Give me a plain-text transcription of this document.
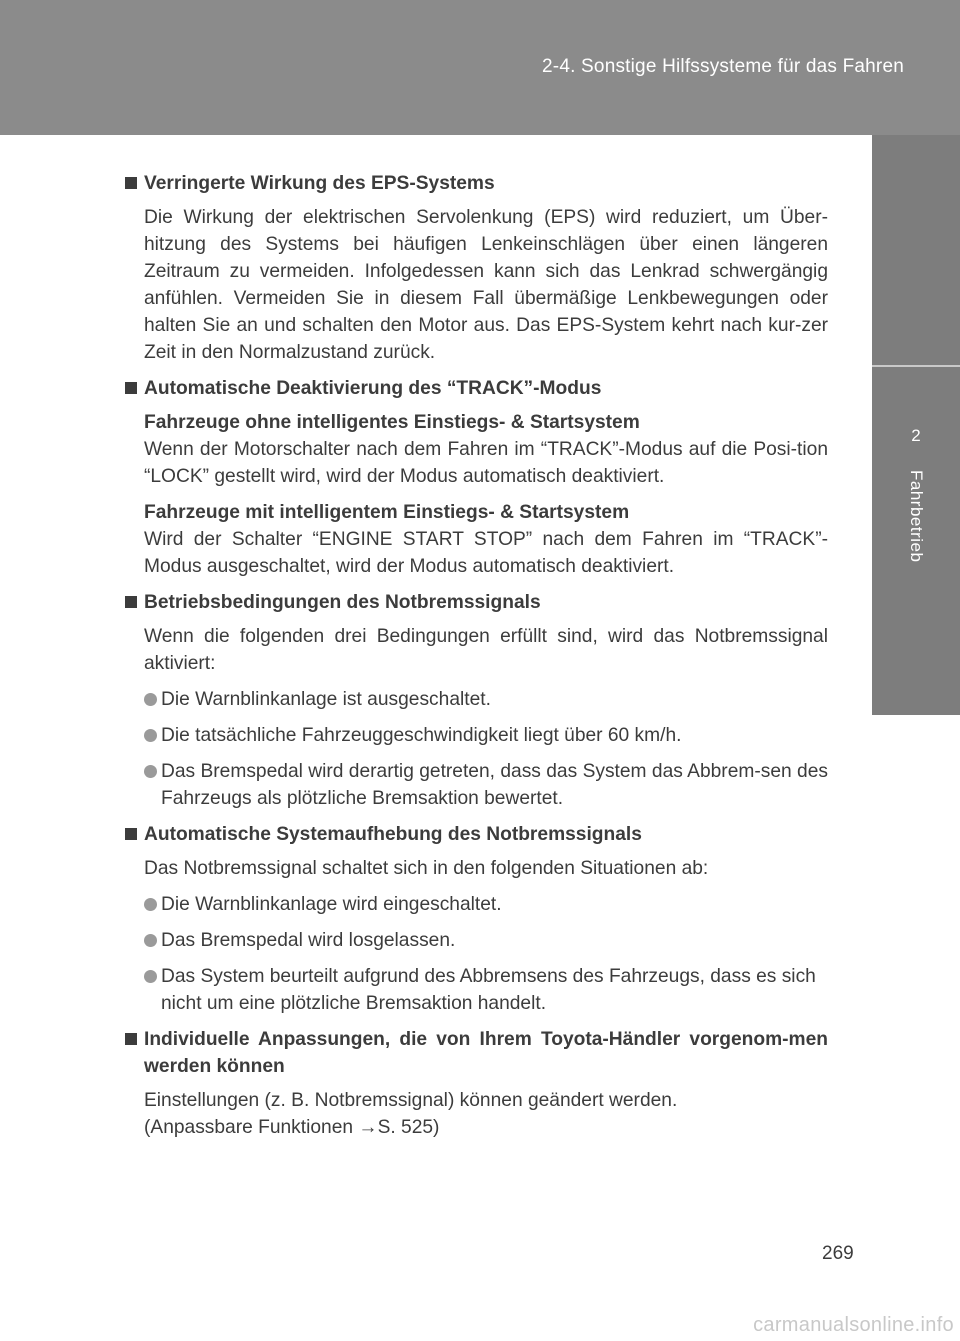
2-4. Sonstige Hilfssysteme für das Fahren
2
Fahrbetrieb
Verringerte Wirkung des EPS-Systems

Die Wirkung der elektrischen Servolenkung (EPS) wird reduziert, um Über-hitzung des Systems bei häufigen Lenkeinschlägen über einen längeren Zeitraum zu vermeiden. Infolgedessen kann sich das Lenkrad schwergängig anfühlen. Vermeiden Sie in diesem Fall übermäßige Lenkbewegungen oder halten Sie an und schalten den Motor aus. Das EPS-System kehrt nach kur-zer Zeit in den Normalzustand zurück.

Automatische Deaktivierung des “TRACK”-Modus

Fahrzeuge ohne intelligentes Einstiegs- & Startsystem

Wenn der Motorschalter nach dem Fahren im “TRACK”-Modus auf die Posi-tion “LOCK” gestellt wird, wird der Modus automatisch deaktiviert.

Fahrzeuge mit intelligentem Einstiegs- & Startsystem

Wird der Schalter “ENGINE START STOP” nach dem Fahren im “TRACK”-Modus ausgeschaltet, wird der Modus automatisch deaktiviert.

Betriebsbedingungen des Notbremssignals

Wenn die folgenden drei Bedingungen erfüllt sind, wird das Notbremssignal aktiviert:

Die Warnblinkanlage ist ausgeschaltet.
Die tatsächliche Fahrzeuggeschwindigkeit liegt über 60 km/h.
Das Bremspedal wird derartig getreten, dass das System das Abbrem-sen des Fahrzeugs als plötzliche Bremsaktion bewertet.
Automatische Systemaufhebung des Notbremssignals

Das Notbremssignal schaltet sich in den folgenden Situationen ab:

Die Warnblinkanlage wird eingeschaltet.
Das Bremspedal wird losgelassen.
Das System beurteilt aufgrund des Abbremsens des Fahrzeugs, dass es sich nicht um eine plötzliche Bremsaktion handelt.
Individuelle Anpassungen, die von Ihrem Toyota-Händler vorgenom-men werden können

Einstellungen (z. B. Notbremssignal) können geändert werden.

(Anpassbare Funktionen →S. 525)

269
carmanualsonline.info
